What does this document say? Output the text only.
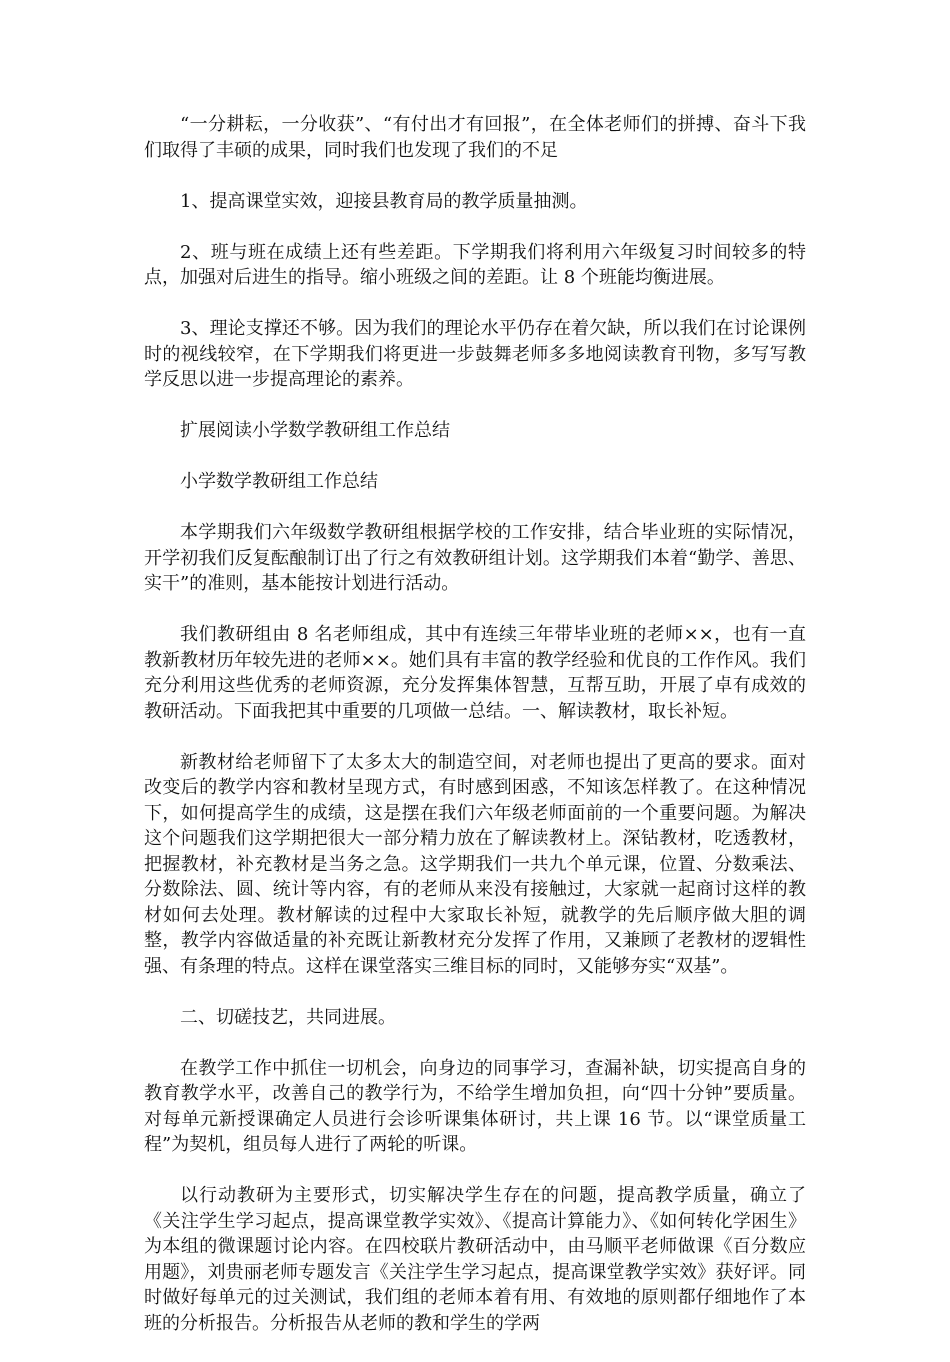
“一分耕耘，一分收获”、“有付出才有回报”，在全体老师们的拼搏、奋斗下我们取得了丰硕的成果，同时我们也发现了我们的不足

1、提高课堂实效，迎接县教育局的教学质量抽测。

2、班与班在成绩上还有些差距。下学期我们将利用六年级复习时间较多的特点，加强对后进生的指导。缩小班级之间的差距。让 8 个班能均衡进展。

3、理论支撑还不够。因为我们的理论水平仍存在着欠缺，所以我们在讨论课例时的视线较窄，在下学期我们将更进一步鼓舞老师多多地阅读教育刊物，多写写教学反思以进一步提高理论的素养。

扩展阅读小学数学教研组工作总结

小学数学教研组工作总结

本学期我们六年级数学教研组根据学校的工作安排，结合毕业班的实际情况，开学初我们反复酝酿制订出了行之有效教研组计划。这学期我们本着“勤学、善思、实干”的准则，基本能按计划进行活动。

我们教研组由 8 名老师组成，其中有连续三年带毕业班的老师××，也有一直教新教材历年较先进的老师××。她们具有丰富的教学经验和优良的工作作风。我们充分利用这些优秀的老师资源，充分发挥集体智慧，互帮互助，开展了卓有成效的教研活动。下面我把其中重要的几项做一总结。一、解读教材，取长补短。

新教材给老师留下了太多太大的制造空间，对老师也提出了更高的要求。面对改变后的教学内容和教材呈现方式，有时感到困惑，不知该怎样教了。在这种情况下，如何提高学生的成绩，这是摆在我们六年级老师面前的一个重要问题。为解决这个问题我们这学期把很大一部分精力放在了解读教材上。深钻教材，吃透教材，把握教材，补充教材是当务之急。这学期我们一共九个单元课，位置、分数乘法、分数除法、圆、统计等内容，有的老师从来没有接触过，大家就一起商讨这样的教材如何去处理。教材解读的过程中大家取长补短，就教学的先后顺序做大胆的调整，教学内容做适量的补充既让新教材充分发挥了作用，又兼顾了老教材的逻辑性强、有条理的特点。这样在课堂落实三维目标的同时，又能够夯实“双基”。

二、切磋技艺，共同进展。

在教学工作中抓住一切机会，向身边的同事学习，查漏补缺，切实提高自身的教育教学水平，改善自己的教学行为，不给学生增加负担，向“四十分钟”要质量。对每单元新授课确定人员进行会诊听课集体研讨，共上课 16 节。以“课堂质量工程”为契机，组员每人进行了两轮的听课。

以行动教研为主要形式，切实解决学生存在的问题，提高教学质量，确立了《关注学生学习起点，提高课堂教学实效》、《提高计算能力》、《如何转化学困生》为本组的微课题讨论内容。在四校联片教研活动中，由马顺平老师做课《百分数应用题》，刘贵丽老师专题发言《关注学生学习起点，提高课堂教学实效》获好评。同时做好每单元的过关测试，我们组的老师本着有用、有效地的原则都仔细地作了本班的分析报告。分析报告从老师的教和学生的学两
